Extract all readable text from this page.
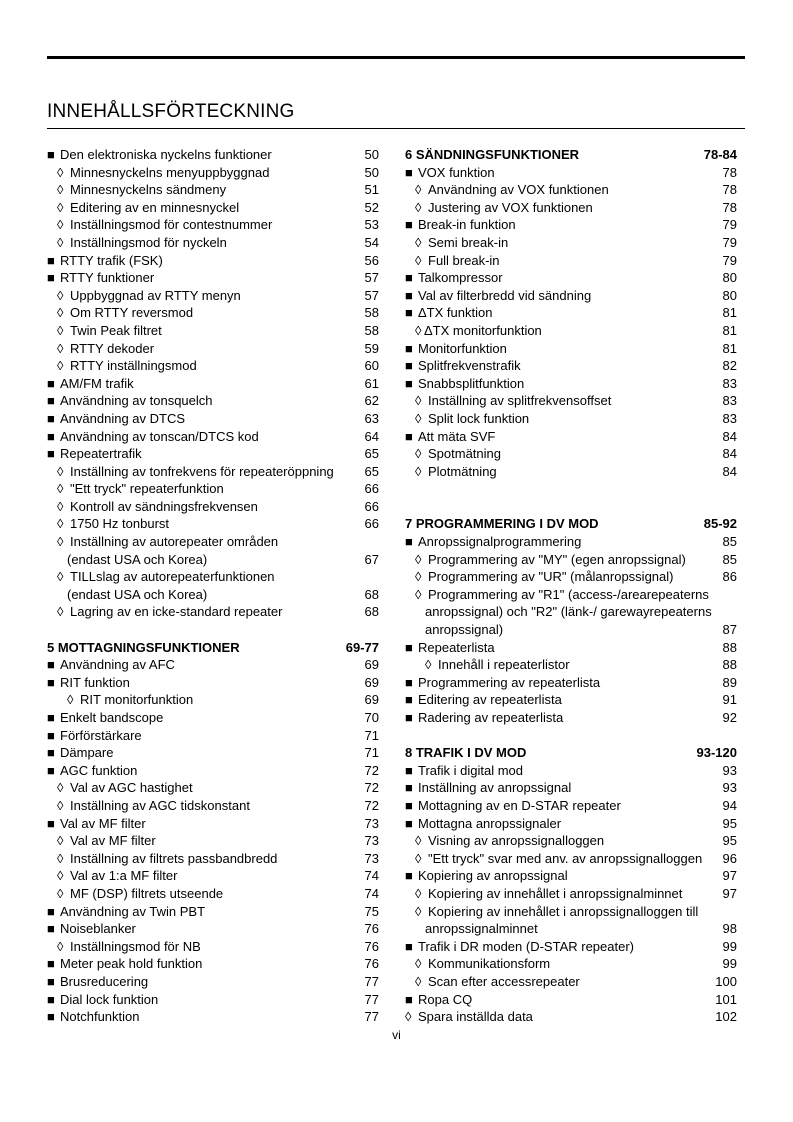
INNEHÅLLSFÖRTECKNING
■ Den elektroniska nyckelns funktioner	50
◊ Minnesnyckelns menyuppbyggnad	50
◊ Minnesnyckelns sändmeny	51
◊ Editering av en minnesnyckel	52
◊ Inställningsmod för contestnummer	53
◊ Inställningsmod för nyckeln	54
■ RTTY trafik (FSK)	56
■ RTTY funktioner	57
◊ Uppbyggnad av RTTY menyn	57
◊ Om RTTY reversmod	58
◊ Twin Peak filtret	58
◊ RTTY dekoder	59
◊ RTTY inställningsmod	60
■ AM/FM trafik	61
■ Användning av tonsquelch	62
■ Användning av DTCS	63
■ Användning av tonscan/DTCS kod	64
■ Repeatertrafik	65
◊ Inställning av tonfrekvens för repeateröppning 65
◊ "Ett tryck" repeaterfunktion	66
◊ Kontroll av sändningsfrekvensen	66
◊ 1750 Hz tonburst	66
◊ Inställning av autorepeater områden
(endast USA och Korea)	67
◊ TILLslag av autorepeaterfunktionen
(endast USA och Korea)	68
◊ Lagring av en icke-standard repeater	68
5 MOTTAGNINGSFUNKTIONER	69-77
■ Användning av AFC	69
■ RIT funktion	69
◊ RIT monitorfunktion	69
■ Enkelt bandscope	70
■ Förförstärkare	71
■ Dämpare	71
■ AGC funktion	72
◊ Val av AGC hastighet	72
◊ Inställning av AGC tidskonstant	72
■ Val av MF filter	73
◊ Val av MF filter	73
◊ Inställning av filtrets passbandbredd	73
◊ Val av 1:a MF filter	74
◊ MF (DSP) filtrets utseende	74
■ Användning av Twin PBT	75
■ Noiseblanker	76
◊ Inställningsmod för NB	76
■ Meter peak hold funktion	76
■ Brusreducering	77
■ Dial lock funktion	77
■ Notchfunktion	77
6 SÄNDNINGSFUNKTIONER	78-84
■ VOX funktion	78
◊ Användning av VOX funktionen	78
◊ Justering av VOX funktionen	78
■ Break-in funktion	79
◊ Semi break-in	79
◊ Full break-in	79
■ Talkompressor	80
■ Val av filterbredd vid sändning	80
■ ΔTX funktion	81
◊ ΔTX monitorfunktion	81
■ Monitorfunktion	81
■ Splitfrekvenstrafik	82
■ Snabbsplitfunktion	83
◊ Inställning av splitfrekvensoffset	83
◊ Split lock funktion	83
■ Att mäta SVF	84
◊ Spotmätning	84
◊ Plotmätning	84
7 PROGRAMMERING I DV MOD	85-92
■ Anropssignalprogrammering	85
◊ Programmering av "MY" (egen anropssignal)	85
◊ Programmering av "UR" (målanropssignal)	86
◊ Programmering av "R1" (access-/arearepeaterns
anropssignal) och "R2" (länk-/ garewayrepeaterns
anropssignal)	87
■ Repeaterlista	88
◊ Innehåll i repeaterlistor	88
■ Programmering av repeaterlista	89
■ Editering av repeaterlista	91
■ Radering av repeaterlista	92
8 TRAFIK I DV MOD	93-120
■ Trafik i digital mod	93
■ Inställning av anropssignal	93
■ Mottagning av en D-STAR repeater	94
■ Mottagna anropssignaler	95
◊ Visning av anropssignalloggen	95
◊ "Ett tryck" svar med anv. av anropssignalloggen 96
■ Kopiering av anropssignal	97
◊ Kopiering av innehållet i anropssignalminnet	97
◊ Kopiering av innehållet i anropssignalloggen till
anropssignalminnet	98
■ Trafik i DR moden (D-STAR repeater)	99
◊ Kommunikationsform	99
◊ Scan efter accessrepeater	100
■ Ropa CQ	101
◊ Spara inställda data	102
vi
